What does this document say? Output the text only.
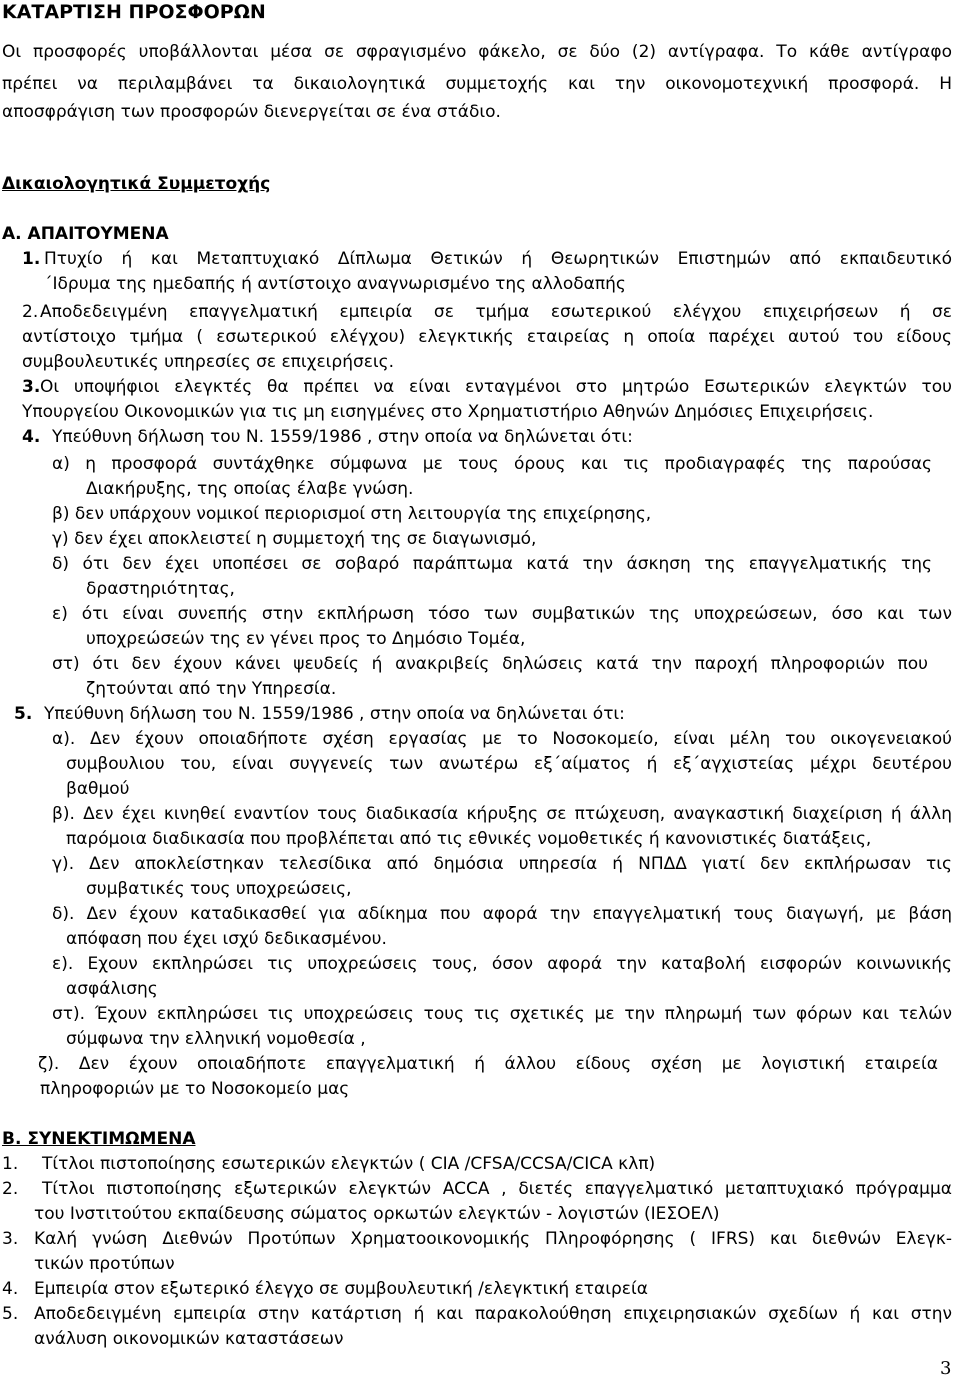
ΚΑΤΑΡΤΙΣΗ ΠΡΟΣΦΟΡΩΝ
Οι προσφορές υποβάλλονται μέσα σε σφραγισμένο φάκελο, σε δύο (2) αντίγραφα. Το κάθε αντίγραφο
πρέπει να περιλαμβάνει τα δικαιολογητικά συμμετοχής και την οικονομοτεχνική προσφορά. Η
αποσφράγιση των προσφορών διενεργείται σε ένα στάδιο.
Δικαιολογητικά Συμμετοχής
Α. ΑΠΑΙΤΟΥΜΕΝΑ
1. Πτυχίο ή και Μεταπτυχιακό Δίπλωμα Θετικών ή Θεωρητικών Επιστημών από εκπαιδευτικό
΄Ιδρυμα της ημεδαπής ή αντίστοιχο αναγνωρισμένο της αλλοδαπής
2. Αποδεδειγμένη επαγγελματική εμπειρία σε τμήμα εσωτερικού ελέγχου επιχειρήσεων ή σε
αντίστοιχο τμήμα ( εσωτερικού ελέγχου) ελεγκτικής εταιρείας η οποία παρέχει αυτού του είδους
συμβουλευτικές υπηρεσίες σε επιχειρήσεις.
3. Οι υποψήφιοι ελεγκτές θα πρέπει να είναι ενταγμένοι στο μητρώο Εσωτερικών ελεγκτών του
Υπουργείου Οικονομικών για τις μη εισηγμένες στο Χρηματιστήριο Αθηνών Δημόσιες Επιχειρήσεις.
4. Υπεύθυνη δήλωση του Ν. 1559/1986 , στην οποία να δηλώνεται ότι:
α) η προσφορά συντάχθηκε σύμφωνα με τους όρους και τις προδιαγραφές της παρούσας
Διακήρυξης, της οποίας έλαβε γνώση.
β) δεν υπάρχουν νομικοί περιορισμοί στη λειτουργία της επιχείρησης,
γ) δεν έχει αποκλειστεί η συμμετοχή της σε διαγωνισμό,
δ) ότι δεν έχει υποπέσει σε σοβαρό παράπτωμα κατά την άσκηση της επαγγελματικής της
δραστηριότητας,
ε) ότι είναι συνεπής στην εκπλήρωση τόσο των συμβατικών της υποχρεώσεων, όσο και των
υποχρεώσεών της εν γένει προς το Δημόσιο Τομέα,
στ) ότι δεν έχουν κάνει ψευδείς ή ανακριβείς δηλώσεις κατά την παροχή πληροφοριών που
ζητούνται από την Υπηρεσία.
5. Υπεύθυνη δήλωση του Ν. 1559/1986 , στην οποία να δηλώνεται ότι:
α). Δεν έχουν οποιαδήποτε σχέση εργασίας με το Νοσοκομείο, είναι μέλη του οικογενειακού
συμβουλιου του, είναι συγγενείς των ανωτέρω εξ΄αίματος ή εξ΄αγχιστείας μέχρι δευτέρου
βαθμού
β). Δεν έχει κινηθεί εναντίον τους διαδικασία κήρυξης σε πτώχευση, αναγκαστική διαχείριση ή άλλη
παρόμοια διαδικασία που προβλέπεται από τις εθνικές νομοθετικές ή κανονιστικές διατάξεις,
γ). Δεν αποκλείστηκαν τελεσίδικα από δημόσια υπηρεσία ή ΝΠΔΔ γιατί δεν εκπλήρωσαν τις
συμβατικές τους υποχρεώσεις,
δ). Δεν έχουν καταδικασθεί για αδίκημα που αφορά την επαγγελματική τους διαγωγή, με βάση
απόφαση που έχει ισχύ δεδικασμένου.
ε). Εχουν εκπληρώσει τις υποχρεώσεις τους, όσον αφορά την καταβολή εισφορών κοινωνικής
ασφάλισης
στ). Έχουν εκπληρώσει τις υποχρεώσεις τους τις σχετικές με την πληρωμή των φόρων και τελών
σύμφωνα την ελληνική νομοθεσία ,
ζ). Δεν έχουν οποιαδήποτε επαγγελματική ή άλλου είδους σχέση με λογιστική εταιρεία
πληροφοριών με το Νοσοκομείο μας
Β. ΣΥΝΕΚΤΙΜΩΜΕΝΑ
1. Τίτλοι πιστοποίησης εσωτερικών ελεγκτών ( CIA /CFSA/CCSA/CICA κλπ)
2. Τίτλοι πιστοποίησης εξωτερικών ελεγκτών ACCA , διετές επαγγελματικό μεταπτυχιακό πρόγραμμα
του Ινστιτούτου εκπαίδευσης σώματος ορκωτών ελεγκτών - λογιστών (ΙΕΣΟΕΛ)
3. Καλή γνώση Διεθνών Προτύπων Χρηματοοικονομικής Πληροφόρησης ( IFRS) και διεθνών Ελεγκ-
τικών προτύπων
4. Εμπειρία στον εξωτερικό έλεγχο σε συμβουλευτική /ελεγκτική εταιρεία
5. Αποδεδειγμένη εμπειρία στην κατάρτιση ή και παρακολούθηση επιχειρησιακών σχεδίων ή και στην
ανάλυση οικονομικών καταστάσεων
3
